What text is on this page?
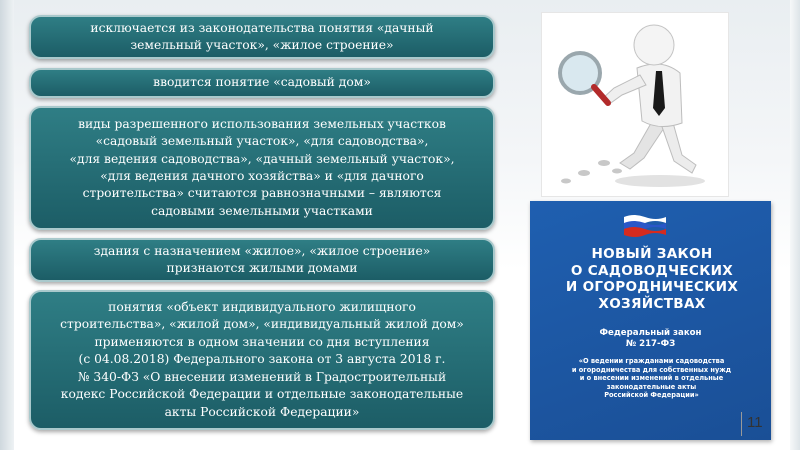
исключается из законодательства понятия «дачный
земельный участок», «жилое строение»
вводится понятие «садовый дом»
виды разрешенного использования земельных участков
«садовый земельный участок», «для садоводства»,
«для ведения садоводства», «дачный земельный участок»,
«для ведения дачного хозяйства» и «для дачного
строительства» считаются равнозначными – являются
садовыми земельными участками
здания с назначением «жилое», «жилое строение»
признаются жилыми домами
понятия «объект индивидуального жилищного
строительства», «жилой дом», «индивидуальный жилой дом»
применяются в одном значении со дня вступления
(с 04.08.2018) Федерального закона от 3 августа 2018 г.
№ 340-ФЗ «О внесении изменений в Градостроительный
кодекс Российской Федерации и отдельные законодательные
акты Российской Федерации»
НОВЫЙ ЗАКОН
О САДОВОДЧЕСКИХ
И ОГОРОДНИЧЕСКИХ
ХОЗЯЙСТВАХ
Федеральный закон
№ 217-ФЗ
«О ведении гражданами садоводства
и огородничества для собственных нужд
и о внесении изменений в отдельные
законодательные акты
Российской Федерации»
11
